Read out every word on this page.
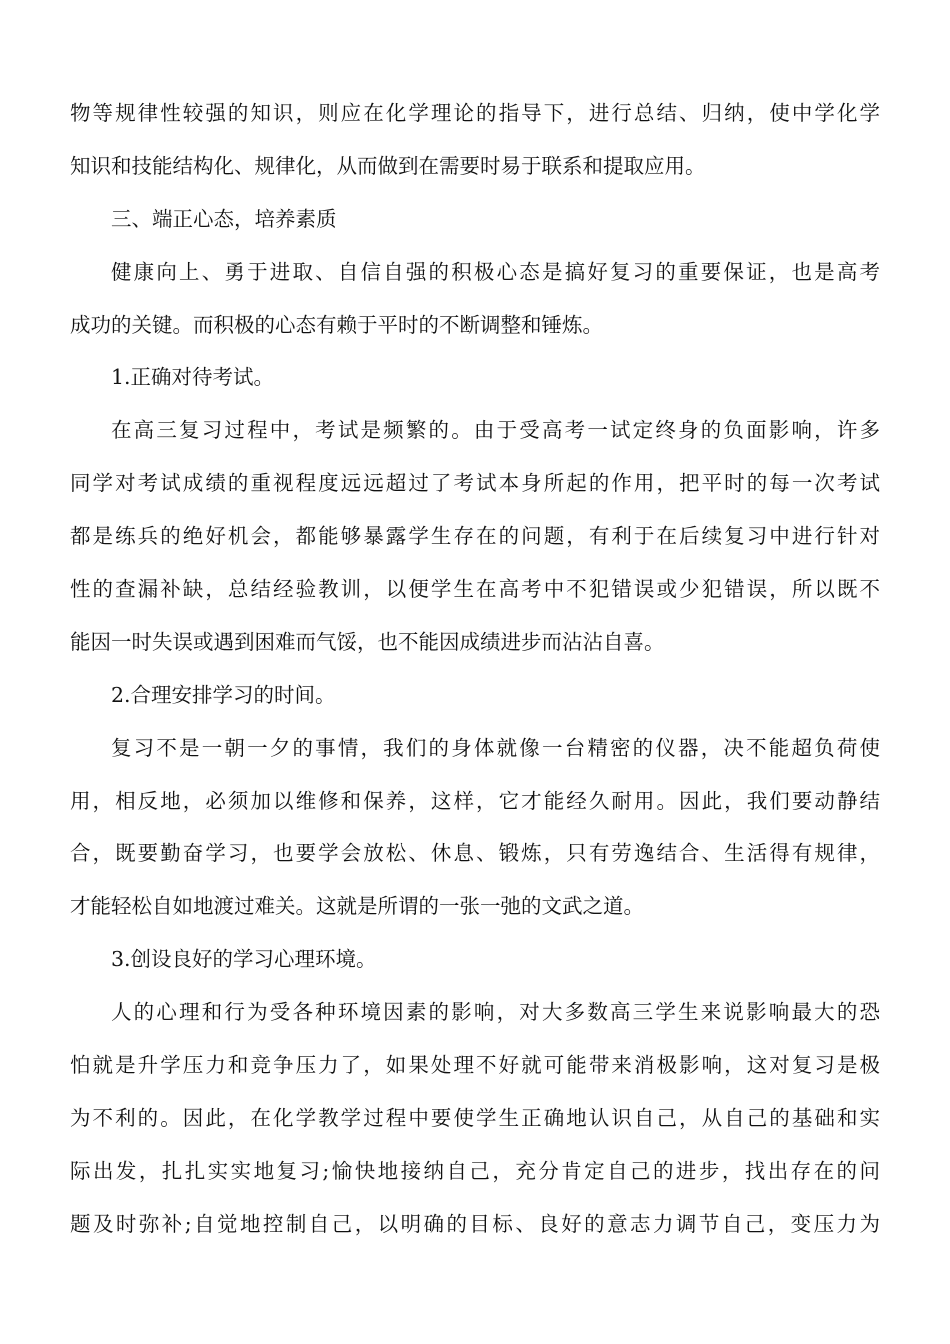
物等规律性较强的知识，则应在化学理论的指导下，进行总结、归纳，使中学化学
知识和技能结构化、规律化，从而做到在需要时易于联系和提取应用。
三、端正心态，培养素质
健康向上、勇于进取、自信自强的积极心态是搞好复习的重要保证，也是高考
成功的关键。而积极的心态有赖于平时的不断调整和锤炼。
1.正确对待考试。
在高三复习过程中，考试是频繁的。由于受高考一试定终身的负面影响，许多
同学对考试成绩的重视程度远远超过了考试本身所起的作用，把平时的每一次考试
都是练兵的绝好机会，都能够暴露学生存在的问题，有利于在后续复习中进行针对
性的查漏补缺，总结经验教训，以便学生在高考中不犯错误或少犯错误，所以既不
能因一时失误或遇到困难而气馁，也不能因成绩进步而沾沾自喜。
2.合理安排学习的时间。
复习不是一朝一夕的事情，我们的身体就像一台精密的仪器，决不能超负荷使
用，相反地，必须加以维修和保养，这样，它才能经久耐用。因此，我们要动静结
合，既要勤奋学习，也要学会放松、休息、锻炼，只有劳逸结合、生活得有规律，
才能轻松自如地渡过难关。这就是所谓的一张一弛的文武之道。
3.创设良好的学习心理环境。
人的心理和行为受各种环境因素的影响，对大多数高三学生来说影响最大的恐
怕就是升学压力和竞争压力了，如果处理不好就可能带来消极影响，这对复习是极
为不利的。因此，在化学教学过程中要使学生正确地认识自己，从自己的基础和实
际出发，扎扎实实地复习;愉快地接纳自己，充分肯定自己的进步，找出存在的问
题及时弥补;自觉地控制自己，以明确的目标、良好的意志力调节自己，变压力为
